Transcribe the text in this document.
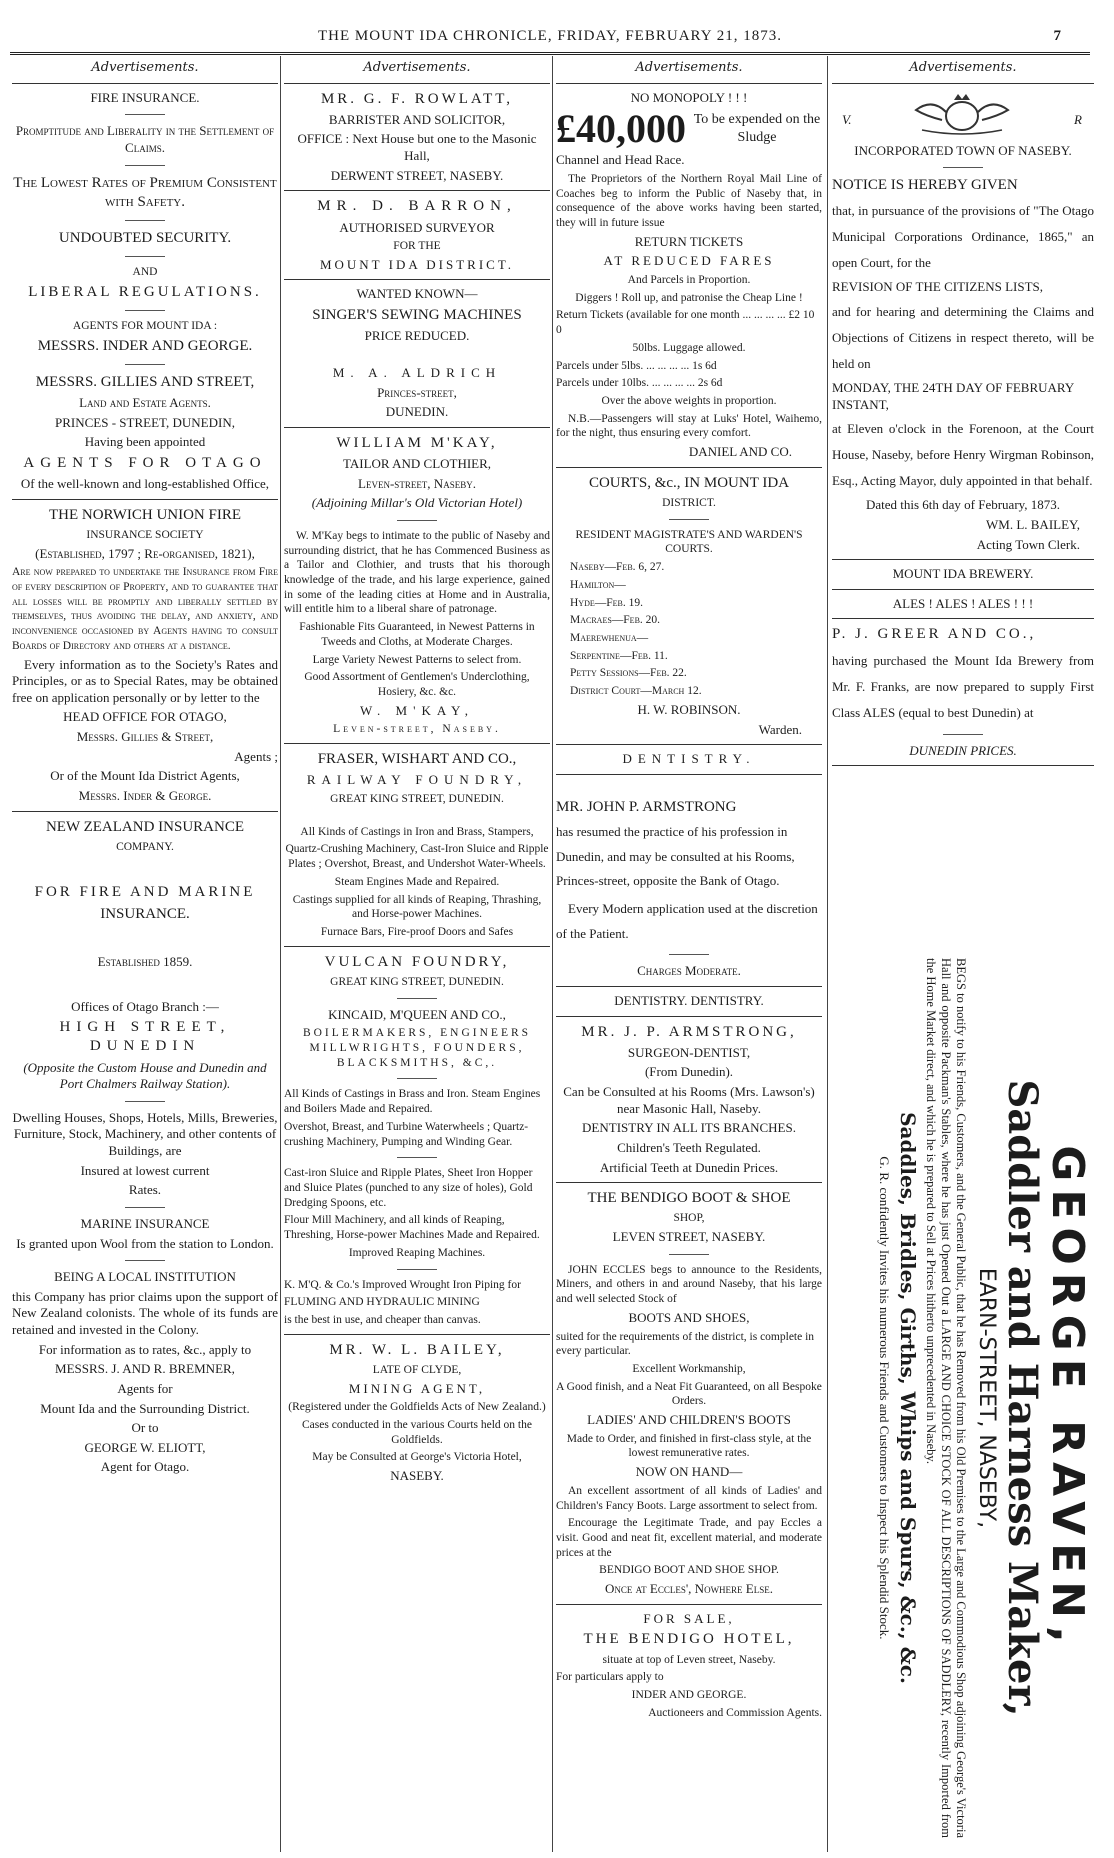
THE MOUNT IDA CHRONICLE, FRIDAY, FEBRUARY 21, 1873.	7
Advertisements.

FIRE INSURANCE.

Promptitude and Liberality in the Settlement of Claims.

The Lowest Rates of Premium Consistent with Safety.

UNDOUBTED SECURITY.

AND

LIBERAL REGULATIONS.

AGENTS FOR MOUNT IDA :

MESSRS. INDER AND GEORGE.

MESSRS. GILLIES AND STREET,

Land and Estate Agents.

PRINCES - STREET, DUNEDIN,

Having been appointed

AGENTS FOR OTAGO

Of the well-known and long-established Office,

THE NORWICH UNION FIRE

INSURANCE SOCIETY

(Established, 1797 ; Re-organised, 1821),

Are now prepared to undertake the Insurance from Fire of every description of Property, and to guarantee that all losses will be promptly and liberally settled by themselves, thus avoiding the delay, and anxiety, and inconvenience occasioned by Agents having to consult Boards of Directory and others at a distance.

Every information as to the Society's Rates and Principles, or as to Special Rates, may be obtained free on application personally or by letter to the

HEAD OFFICE FOR OTAGO,

Messrs. Gillies & Street,

Agents ;

Or of the Mount Ida District Agents,

Messrs. Inder & George.

NEW ZEALAND INSURANCE

COMPANY.

FOR FIRE AND MARINE

INSURANCE.

Established 1859.

Offices of Otago Branch :—

HIGH STREET, DUNEDIN

(Opposite the Custom House and Dunedin and Port Chalmers Railway Station).

Dwelling Houses, Shops, Hotels, Mills, Breweries, Furniture, Stock, Machinery, and other contents of Buildings, are

Insured at lowest current

Rates.

MARINE INSURANCE

Is granted upon Wool from the station to London.

BEING A LOCAL INSTITUTION

this Company has prior claims upon the support of New Zealand colonists. The whole of its funds are retained and invested in the Colony.

For information as to rates, &c., apply to

MESSRS. J. AND R. BREMNER,

Agents for

Mount Ida and the Surrounding District.

Or to

GEORGE W. ELIOTT,

Agent for Otago.

Advertisements.

MR. G. F. ROWLATT,

BARRISTER AND SOLICITOR,

OFFICE : Next House but one to the Masonic Hall,

DERWENT STREET, NASEBY.

MR. D. BARRON,

AUTHORISED SURVEYOR

FOR THE

MOUNT IDA DISTRICT.

WANTED KNOWN—

SINGER'S SEWING MACHINES

PRICE REDUCED.

M. A. ALDRICH

Princes-street,

DUNEDIN.

WILLIAM M'KAY,

TAILOR AND CLOTHIER,

Leven-street, Naseby.

(Adjoining Millar's Old Victorian Hotel)

W. M'Kay begs to intimate to the public of Naseby and surrounding district, that he has Commenced Business as a Tailor and Clothier, and trusts that his thorough knowledge of the trade, and his large experience, gained in some of the leading cities at Home and in Australia, will entitle him to a liberal share of patronage.

Fashionable Fits Guaranteed, in Newest Patterns in Tweeds and Cloths, at Moderate Charges.

Large Variety Newest Patterns to select from.

Good Assortment of Gentlemen's Underclothing, Hosiery, &c. &c.

W. M'KAY,

Leven-street, Naseby.

FRASER, WISHART AND CO.,

RAILWAY FOUNDRY,

GREAT KING STREET, DUNEDIN.

All Kinds of Castings in Iron and Brass, Stampers,

Quartz-Crushing Machinery, Cast-Iron Sluice and Ripple Plates ; Overshot, Breast, and Undershot Water-Wheels.

Steam Engines Made and Repaired.

Castings supplied for all kinds of Reaping, Thrashing, and Horse-power Machines.

Furnace Bars, Fire-proof Doors and Safes

VULCAN FOUNDRY,

GREAT KING STREET, DUNEDIN.

KINCAID, M'QUEEN AND CO.,

BOILERMAKERS, ENGINEERS MILLWRIGHTS, FOUNDERS, BLACKSMITHS, &C,.

All Kinds of Castings in Brass and Iron. Steam Engines and Boilers Made and Repaired.

Overshot, Breast, and Turbine Waterwheels ; Quartz-crushing Machinery, Pumping and Winding Gear.

Cast-iron Sluice and Ripple Plates, Sheet Iron Hopper and Sluice Plates (punched to any size of holes), Gold Dredging Spoons, etc.

Flour Mill Machinery, and all kinds of Reaping, Threshing, Horse-power Machines Made and Repaired.

Improved Reaping Machines.

K. M'Q. & Co.'s Improved Wrought Iron Piping for

FLUMING AND HYDRAULIC MINING

is the best in use, and cheaper than canvas.

MR. W. L. BAILEY,

LATE OF CLYDE,

MINING AGENT,

(Registered under the Goldfields Acts of New Zealand.)

Cases conducted in the various Courts held on the Goldfields.

May be Consulted at George's Victoria Hotel,

NASEBY.

Advertisements.

NO MONOPOLY ! ! !

£40,000 To be expended on the Sludge

Channel and Head Race.

The Proprietors of the Northern Royal Mail Line of Coaches beg to inform the Public of Naseby that, in consequence of the above works having been started, they will in future issue

RETURN TICKETS

AT REDUCED FARES

And Parcels in Proportion.

Diggers ! Roll up, and patronise the Cheap Line !

Return Tickets (available for one month ... ... ... ... £2 10 0

50lbs. Luggage allowed.

Parcels under 5lbs. ... ... ... ... 1s 6d

Parcels under 10lbs. ... ... ... ... 2s 6d

Over the above weights in proportion.

N.B.—Passengers will stay at Luks' Hotel, Waihemo, for the night, thus ensuring every comfort.

DANIEL AND CO.

COURTS, &c., IN MOUNT IDA

DISTRICT.

RESIDENT MAGISTRATE'S AND WARDEN'S COURTS.

Naseby—Feb. 6, 27.

Hamilton—

Hyde—Feb. 19.

Macraes—Feb. 20.

Maerewhenua—

Serpentine—Feb. 11.

Petty Sessions—Feb. 22.

District Court—March 12.

H. W. ROBINSON.

Warden.

DENTISTRY.

MR. JOHN P. ARMSTRONG

has resumed the practice of his profession in Dunedin, and may be consulted at his Rooms, Princes-street, opposite the Bank of Otago.

Every Modern application used at the discretion of the Patient.

Charges Moderate.

DENTISTRY. DENTISTRY.

MR. J. P. ARMSTRONG,

SURGEON-DENTIST,

(From Dunedin).

Can be Consulted at his Rooms (Mrs. Lawson's) near Masonic Hall, Naseby.

DENTISTRY IN ALL ITS BRANCHES.

Children's Teeth Regulated.

Artificial Teeth at Dunedin Prices.

THE BENDIGO BOOT & SHOE

SHOP,

LEVEN STREET, NASEBY.

JOHN ECCLES begs to announce to the Residents, Miners, and others in and around Naseby, that his large and well selected Stock of

BOOTS AND SHOES,

suited for the requirements of the district, is complete in every particular.

Excellent Workmanship,

A Good finish, and a Neat Fit Guaranteed, on all Bespoke Orders.

LADIES' AND CHILDREN'S BOOTS

Made to Order, and finished in first-class style, at the lowest remunerative rates.

NOW ON HAND—

An excellent assortment of all kinds of Ladies' and Children's Fancy Boots. Large assortment to select from.

Encourage the Legitimate Trade, and pay Eccles a visit. Good and neat fit, excellent material, and moderate prices at the

BENDIGO BOOT AND SHOE SHOP.

Once at Eccles', Nowhere Else.

FOR SALE,

THE BENDIGO HOTEL,

situate at top of Leven street, Naseby.

For particulars apply to

INDER AND GEORGE.

Auctioneers and Commission Agents.

Advertisements.
V.	R

INCORPORATED TOWN OF NASEBY.

NOTICE IS HEREBY GIVEN

that, in pursuance of the provisions of "The Otago Municipal Corporations Ordinance, 1865," an open Court, for the

REVISION OF THE CITIZENS LISTS,

and for hearing and determining the Claims and Objections of Citizens in respect thereto, will be held on

MONDAY, THE 24TH DAY OF FEBRUARY INSTANT,

at Eleven o'clock in the Forenoon, at the Court House, Naseby, before Henry Wirgman Robinson, Esq., Acting Mayor, duly appointed in that behalf.

Dated this 6th day of February, 1873.

WM. L. BAILEY,

Acting Town Clerk.

MOUNT IDA BREWERY.

ALES ! ALES ! ALES ! ! !

P. J. GREER AND CO.,

having purchased the Mount Ida Brewery from Mr. F. Franks, are now prepared to supply First Class ALES (equal to best Dunedin) at

DUNEDIN PRICES.

GEORGE RAVEN,
Saddler and Harness Maker,
EARN-STREET, NASEBY,
BEGS to notify to his Friends, Customers, and the General Public, that he has Removed from his Old Premises to the Large and Commodious Shop adjoining George's Victoria Hall and opposite Packman's Stables, where he has just Opened Out a LARGE AND CHOICE STOCK OF ALL DESCRIPTIONS OF SADDLERY, recently Imported from the Home Market direct, and which he is prepared to Sell at Prices hitherto unprecedented in Naseby.
Saddles, Bridles, Girths, Whips and Spurs, &c., &c.
G. R. confidently Invites his numerous Friends and Customers to Inspect his Splendid Stock.
